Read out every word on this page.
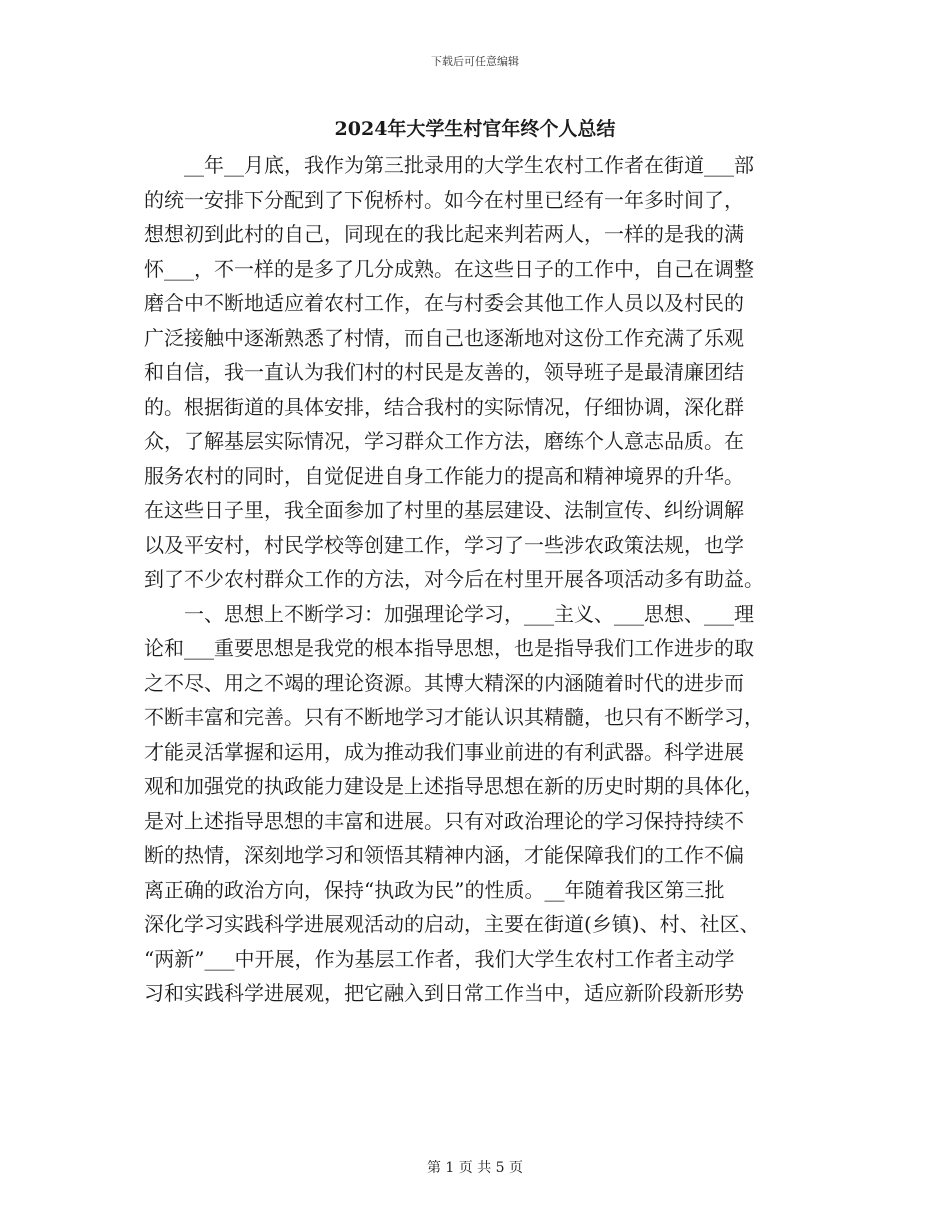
下载后可任意编辑
2024年大学生村官年终个人总结
__年__月底，我作为第三批录用的大学生农村工作者在街道___部
的统一安排下分配到了下倪桥村。如今在村里已经有一年多时间了，
想想初到此村的自己，同现在的我比起来判若两人，一样的是我的满
怀___，不一样的是多了几分成熟。在这些日子的工作中，自己在调整
磨合中不断地适应着农村工作，在与村委会其他工作人员以及村民的
广泛接触中逐渐熟悉了村情，而自己也逐渐地对这份工作充满了乐观
和自信，我一直认为我们村的村民是友善的，领导班子是最清廉团结
的。根据街道的具体安排，结合我村的实际情况，仔细协调，深化群
众，了解基层实际情况，学习群众工作方法，磨练个人意志品质。在
服务农村的同时，自觉促进自身工作能力的提高和精神境界的升华。
在这些日子里，我全面参加了村里的基层建设、法制宣传、纠纷调解
以及平安村，村民学校等创建工作，学习了一些涉农政策法规，也学
到了不少农村群众工作的方法，对今后在村里开展各项活动多有助益。
一、思想上不断学习：加强理论学习，___主义、___思想、___理
论和___重要思想是我党的根本指导思想，也是指导我们工作进步的取
之不尽、用之不竭的理论资源。其博大精深的内涵随着时代的进步而
不断丰富和完善。只有不断地学习才能认识其精髓，也只有不断学习，
才能灵活掌握和运用，成为推动我们事业前进的有利武器。科学进展
观和加强党的执政能力建设是上述指导思想在新的历史时期的具体化，
是对上述指导思想的丰富和进展。只有对政治理论的学习保持持续不
断的热情，深刻地学习和领悟其精神内涵，才能保障我们的工作不偏
离正确的政治方向，保持“执政为民”的性质。__年随着我区第三批
深化学习实践科学进展观活动的启动，主要在街道(乡镇)、村、社区、
“两新”___中开展，作为基层工作者，我们大学生农村工作者主动学
习和实践科学进展观，把它融入到日常工作当中，适应新阶段新形势
第 1 页 共 5 页
